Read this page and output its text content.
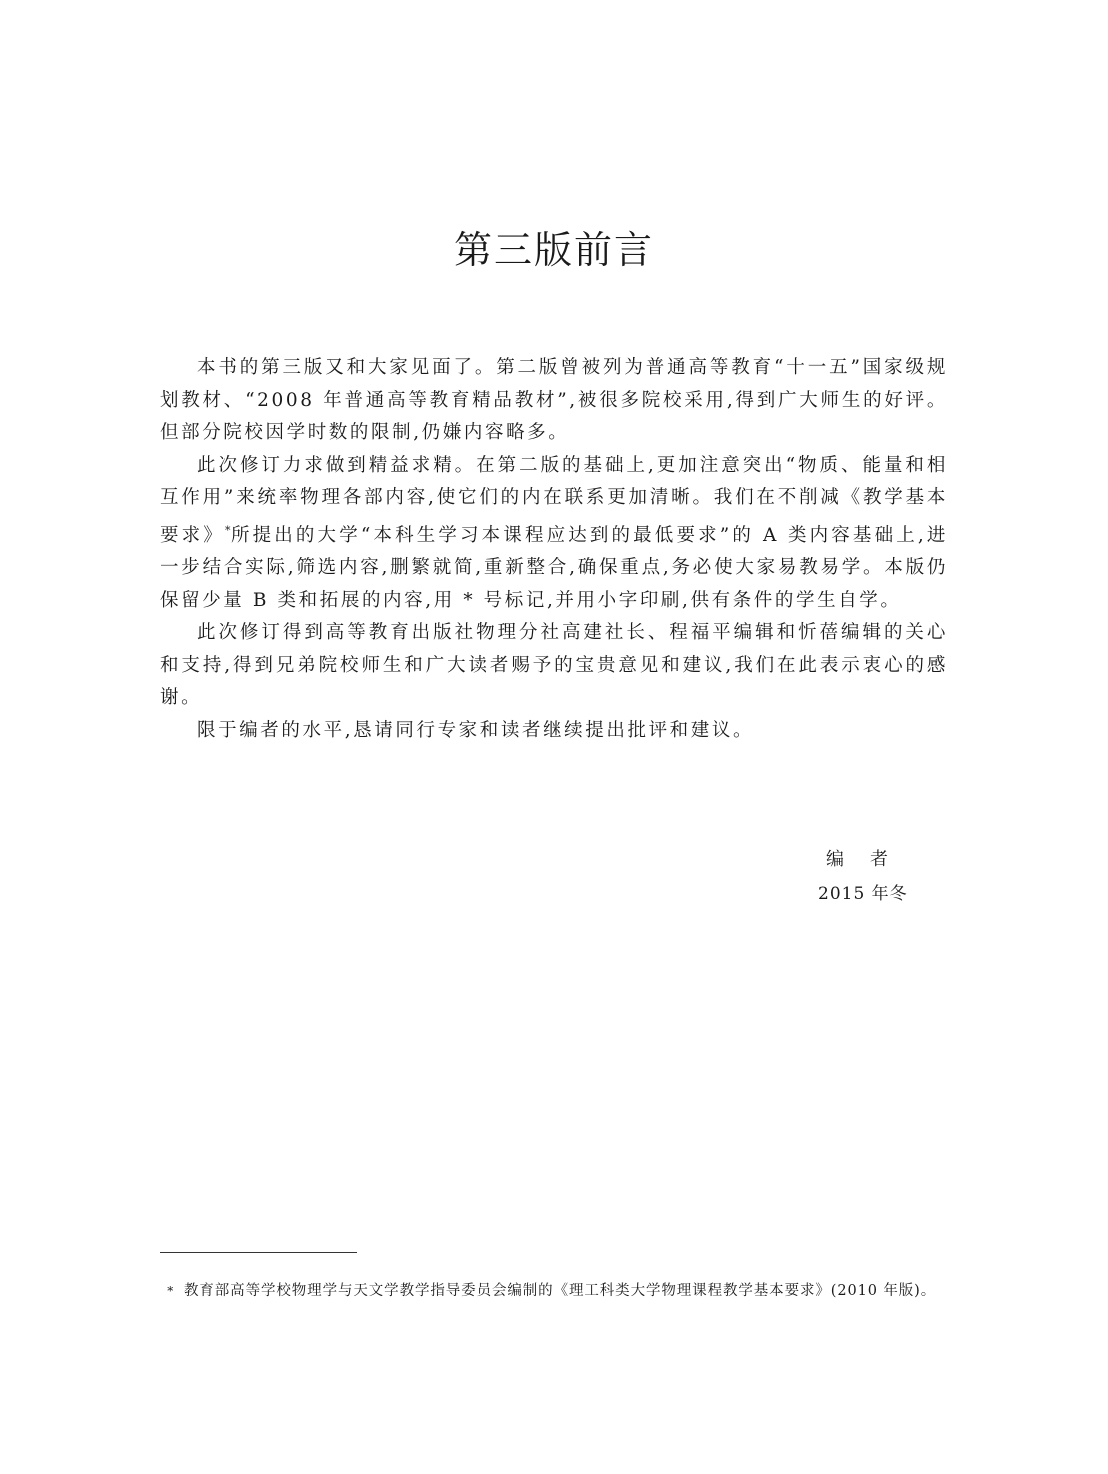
第三版前言

本书的第三版又和大家见面了。第二版曾被列为普通高等教育“十一五”国家级规划教材、“2008 年普通高等教育精品教材”,被很多院校采用,得到广大师生的好评。但部分院校因学时数的限制,仍嫌内容略多。

此次修订力求做到精益求精。在第二版的基础上,更加注意突出“物质、能量和相互作用”来统率物理各部内容,使它们的内在联系更加清晰。我们在不削减《教学基本要求》*所提出的大学“本科生学习本课程应达到的最低要求”的 A 类内容基础上,进一步结合实际,筛选内容,删繁就简,重新整合,确保重点,务必使大家易教易学。本版仍保留少量 B 类和拓展的内容,用 * 号标记,并用小字印刷,供有条件的学生自学。

此次修订得到高等教育出版社物理分社高建社长、程福平编辑和忻蓓编辑的关心和支持,得到兄弟院校师生和广大读者赐予的宝贵意见和建议,我们在此表示衷心的感谢。

限于编者的水平,恳请同行专家和读者继续提出批评和建议。

编者
2015 年冬
* 教育部高等学校物理学与天文学教学指导委员会编制的《理工科类大学物理课程教学基本要求》(2010 年版)。
